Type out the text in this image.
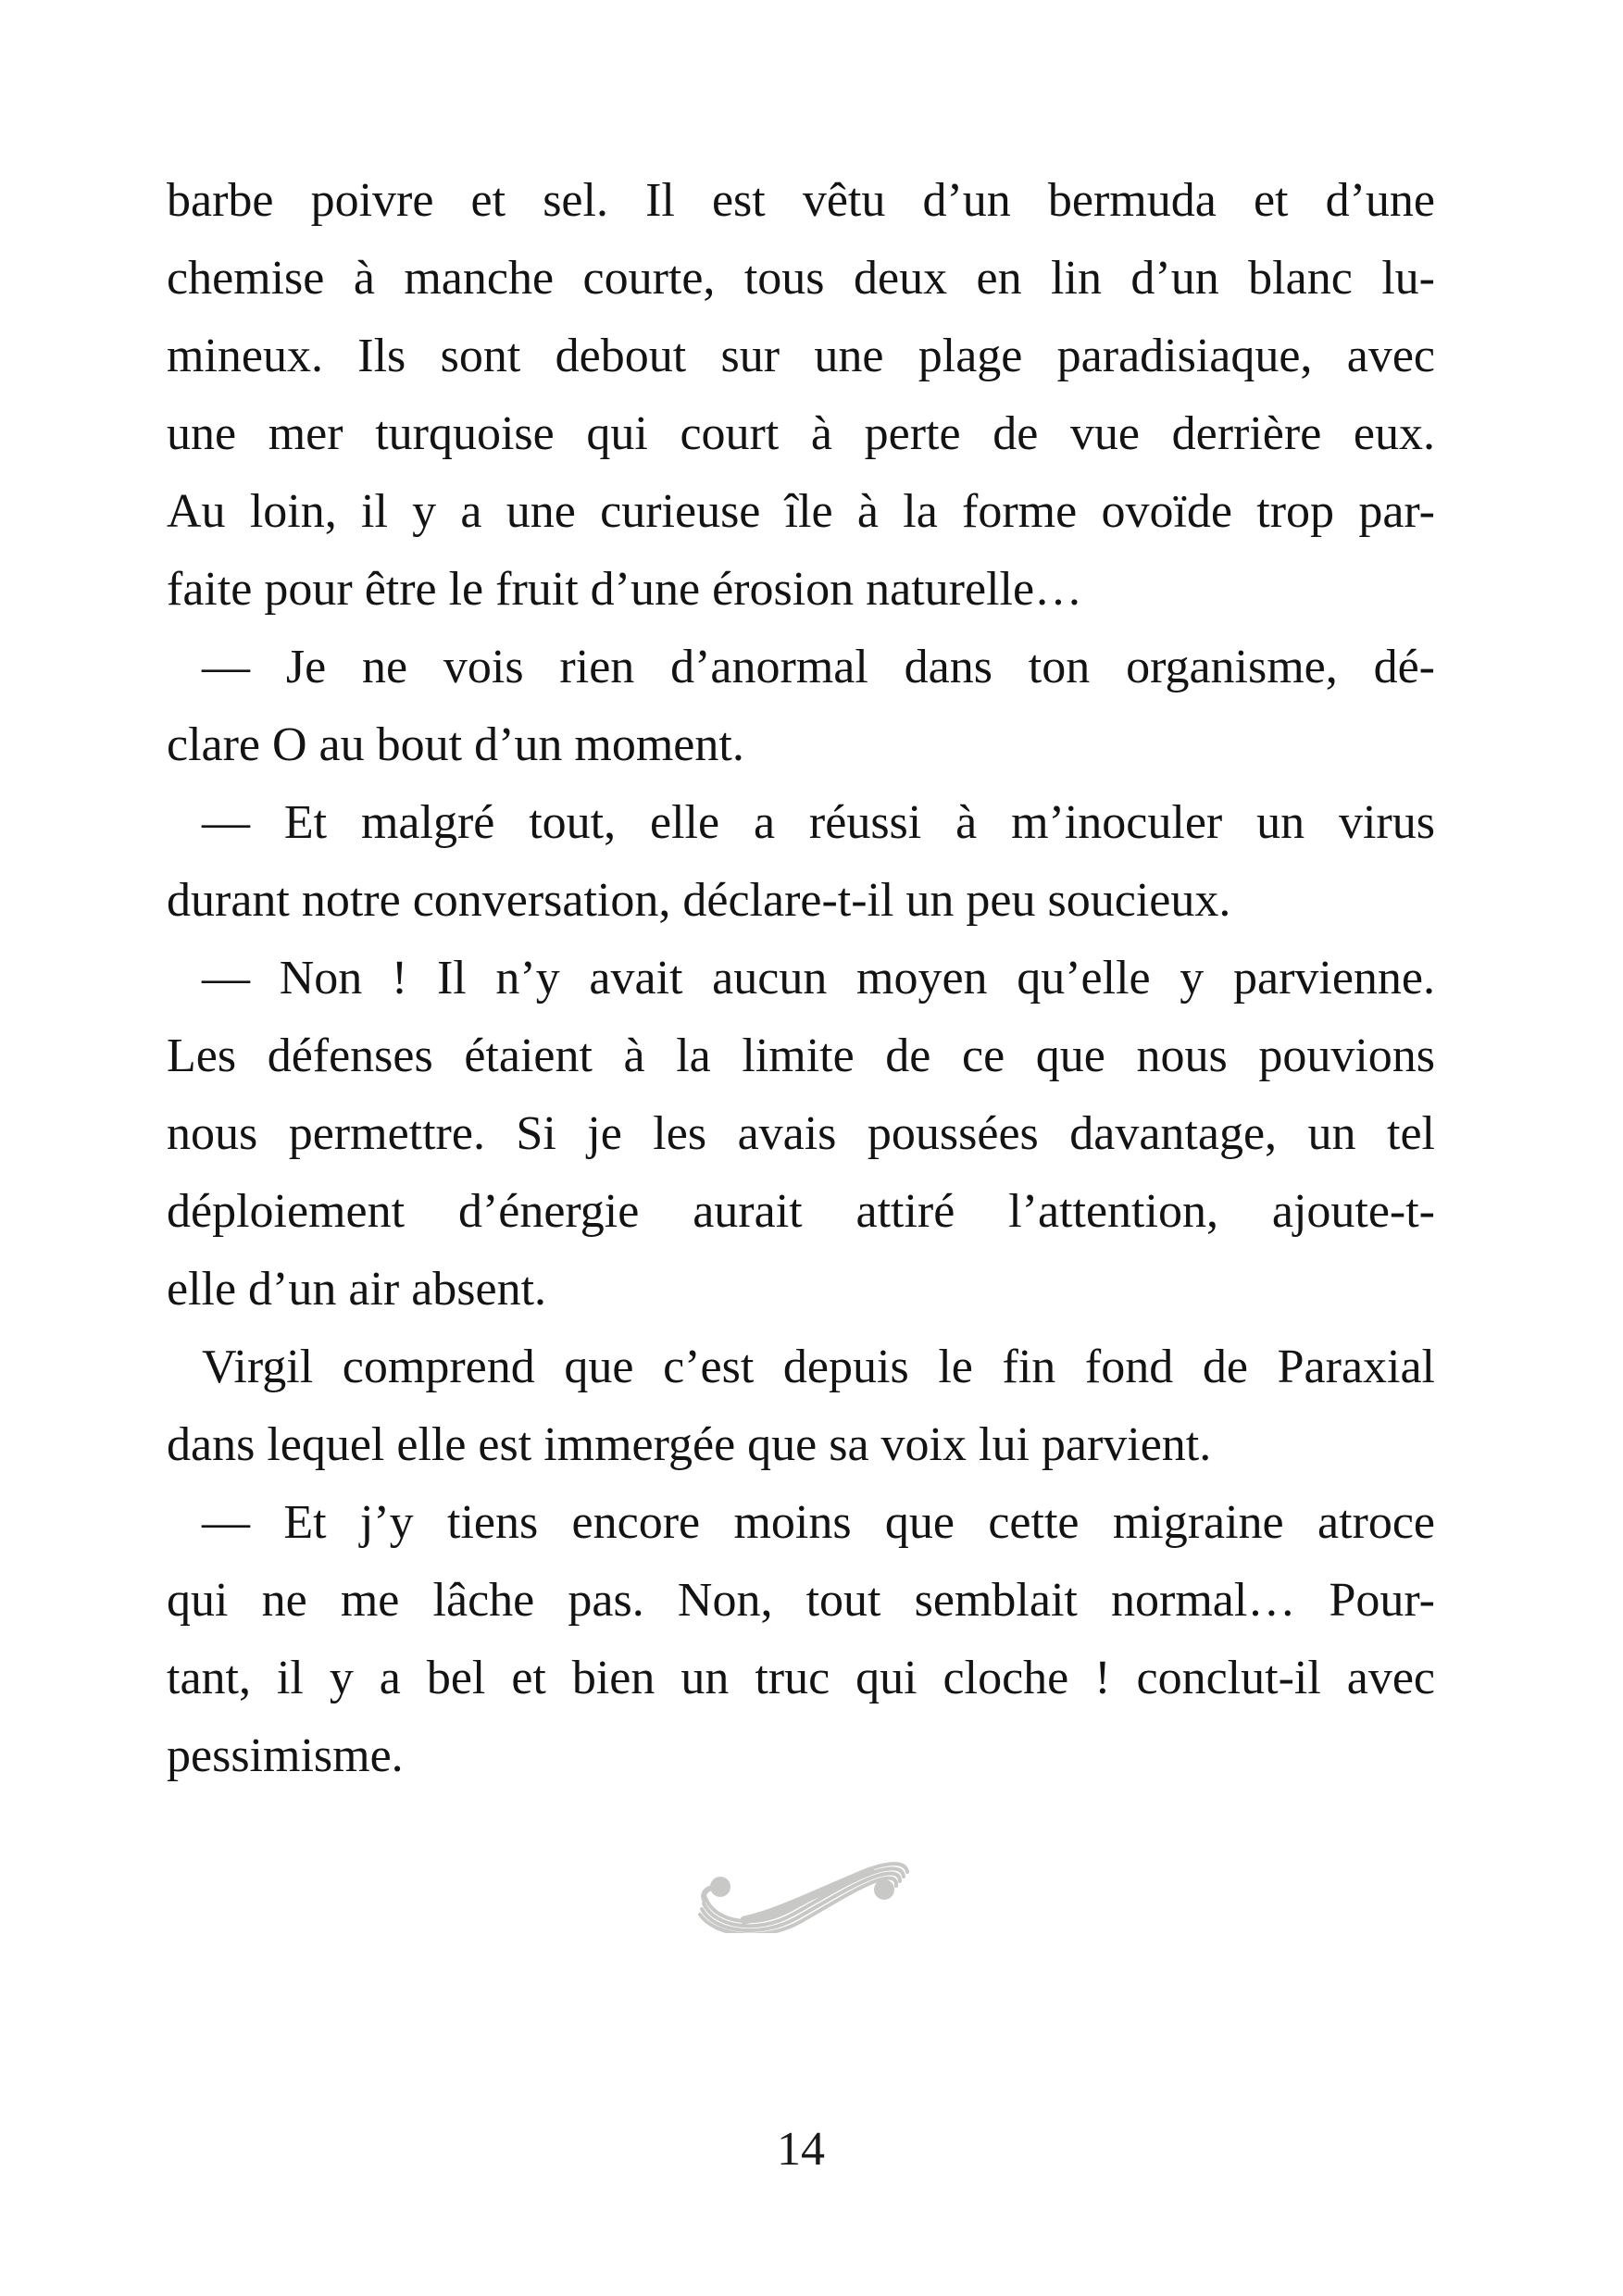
barbe poivre et sel. Il est vêtu d’un bermuda et d’une
chemise à manche courte, tous deux en lin d’un blanc lu-
mineux. Ils sont debout sur une plage paradisiaque, avec
une mer turquoise qui court à perte de vue derrière eux.
Au loin, il y a une curieuse île à la forme ovoïde trop par-
faite pour être le fruit d’une érosion naturelle…
— Je ne vois rien d’anormal dans ton organisme, dé-
clare O au bout d’un moment.
— Et malgré tout, elle a réussi à m’inoculer un virus
durant notre conversation, déclare-t-il un peu soucieux.
— Non ! Il n’y avait aucun moyen qu’elle y parvienne.
Les défenses étaient à la limite de ce que nous pouvions
nous permettre. Si je les avais poussées davantage, un tel
déploiement d’énergie aurait attiré l’attention, ajoute-t-
elle d’un air absent.
Virgil comprend que c’est depuis le fin fond de Paraxial
dans lequel elle est immergée que sa voix lui parvient.
— Et j’y tiens encore moins que cette migraine atroce
qui ne me lâche pas. Non, tout semblait normal… Pour-
tant, il y a bel et bien un truc qui cloche ! conclut-il avec
pessimisme.
14
